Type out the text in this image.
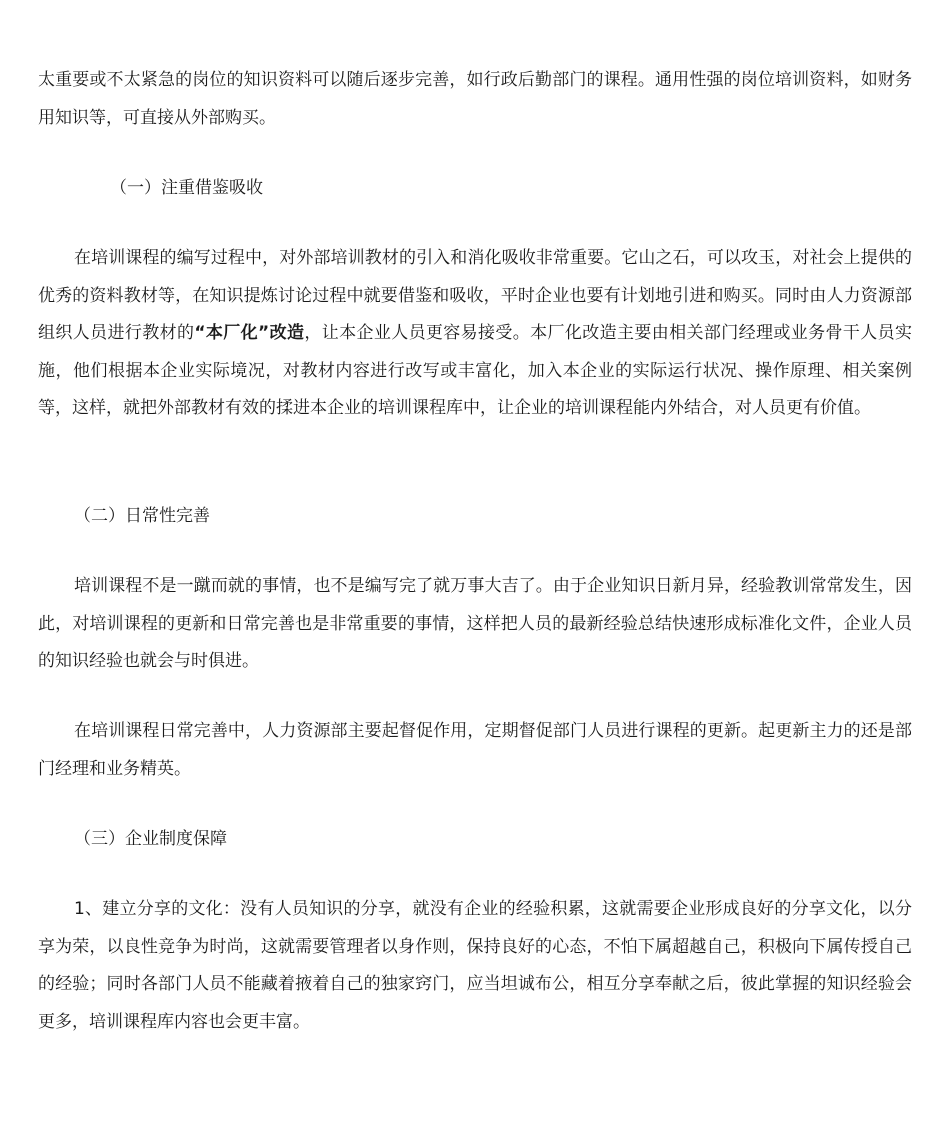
太重要或不太紧急的岗位的知识资料可以随后逐步完善，如行政后勤部门的课程。通用性强的岗位培训资料，如财务用知识等，可直接从外部购买。

（一）注重借鉴吸收

在培训课程的编写过程中，对外部培训教材的引入和消化吸收非常重要。它山之石，可以攻玉，对社会上提供的优秀的资料教材等，在知识提炼讨论过程中就要借鉴和吸收，平时企业也要有计划地引进和购买。同时由人力资源部组织人员进行教材的“本厂化”改造，让本企业人员更容易接受。本厂化改造主要由相关部门经理或业务骨干人员实施，他们根据本企业实际境况，对教材内容进行改写或丰富化，加入本企业的实际运行状况、操作原理、相关案例等，这样，就把外部教材有效的揉进本企业的培训课程库中，让企业的培训课程能内外结合，对人员更有价值。

（二）日常性完善

培训课程不是一蹴而就的事情，也不是编写完了就万事大吉了。由于企业知识日新月异，经验教训常常发生，因此，对培训课程的更新和日常完善也是非常重要的事情，这样把人员的最新经验总结快速形成标准化文件，企业人员的知识经验也就会与时俱进。

在培训课程日常完善中，人力资源部主要起督促作用，定期督促部门人员进行课程的更新。起更新主力的还是部门经理和业务精英。

（三）企业制度保障

1、建立分享的文化：没有人员知识的分享，就没有企业的经验积累，这就需要企业形成良好的分享文化，以分享为荣，以良性竞争为时尚，这就需要管理者以身作则，保持良好的心态，不怕下属超越自己，积极向下属传授自己的经验；同时各部门人员不能藏着掖着自己的独家窍门，应当坦诚布公，相互分享奉献之后，彼此掌握的知识经验会更多，培训课程库内容也会更丰富。
